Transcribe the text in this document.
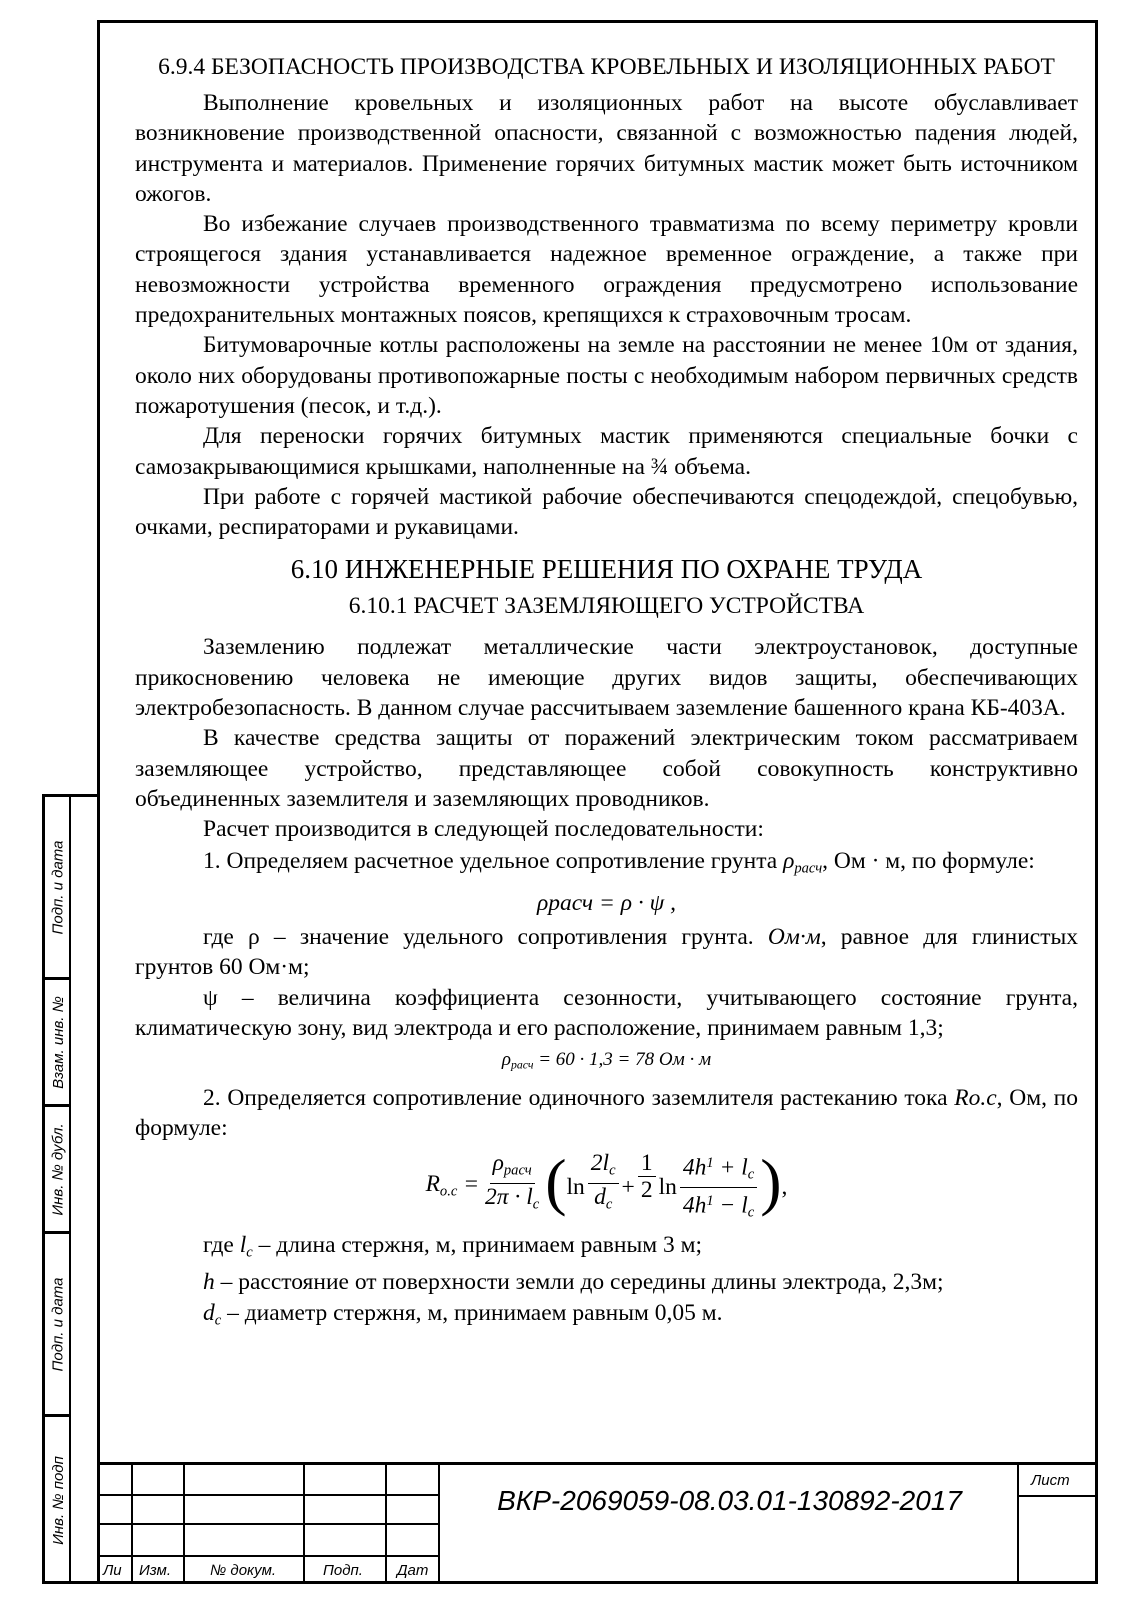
6.9.4 БЕЗОПАСНОСТЬ ПРОИЗВОДСТВА КРОВЕЛЬНЫХ И ИЗОЛЯЦИОННЫХ РАБОТ

Выполнение кровельных и изоляционных работ на высоте обуславливает возникновение производственной опасности, связанной с возможностью падения людей, инструмента и материалов. Применение горячих битумных мастик может быть источником ожогов.

Во избежание случаев производственного травматизма по всему периметру кровли строящегося здания устанавливается надежное временное ограждение, а также при невозможности устройства временного ограждения предусмотрено использование предохранительных монтажных поясов, крепящихся к страховочным тросам.

Битумоварочные котлы расположены на земле на расстоянии не менее 10м от здания, около них оборудованы противопожарные посты с необходимым набором первичных средств пожаротушения (песок, и т.д.).

Для переноски горячих битумных мастик применяются специальные бочки с самозакрывающимися крышками, наполненные на ¾ объема.

При работе с горячей мастикой рабочие обеспечиваются спецодеждой, спецобувью, очками, респираторами и рукавицами.

6.10 ИНЖЕНЕРНЫЕ РЕШЕНИЯ ПО ОХРАНЕ ТРУДА
6.10.1 РАСЧЕТ ЗАЗЕМЛЯЮЩЕГО УСТРОЙСТВА

Заземлению подлежат металлические части электроустановок, доступные прикосновению человека не имеющие других видов защиты, обеспечивающих электробезопасность. В данном случае рассчитываем заземление башенного крана КБ-403А.

В качестве средства защиты от поражений электрическим током рассматриваем заземляющее устройство, представляющее собой совокупность конструктивно объединенных заземлителя и заземляющих проводников.

Расчет производится в следующей последовательности:

1. Определяем расчетное удельное сопротивление грунта $\rho_{расч}$, Ом · м, по формуле:

ρрасч = ρ · ψ ,

где ρ – значение удельного сопротивления грунта. Ом·м, равное для глинистых грунтов 60 Ом·м;

ψ – величина коэффициента сезонности, учитывающего состояние грунта, климатическую зону, вид электрода и его расположение, принимаем равным 1,3;

$\rho_{расч} = 60 \cdot 1,3 = 78$ Ом · м

2. Определяется сопротивление одиночного заземлителя растеканию тока Rо.с, Ом, по формуле:

$R_{о.с} = \frac{\rho_{расч}}{2\pi \cdot l_c}$ ( $\ln \frac{2l_c}{d_c} + \frac{1}{2}$ $\ln \frac{4h^1 + l_c}{4h^1 - l_c}$ ) ,

где $l_c$ – длина стержня, м, принимаем равным 3 м;

h – расстояние от поверхности земли до середины длины электрода, 2,3м;

$d_c$ – диаметр стержня, м, принимаем равным 0,05 м.

Подп. и дата
Взам. инв. №
Инв. № дубл.
Подп. и дата
Инв. № подп
Ли Изм.	№ докум.	Подп. Дат
Лист
ВКР-2069059-08.03.01-130892-2017
